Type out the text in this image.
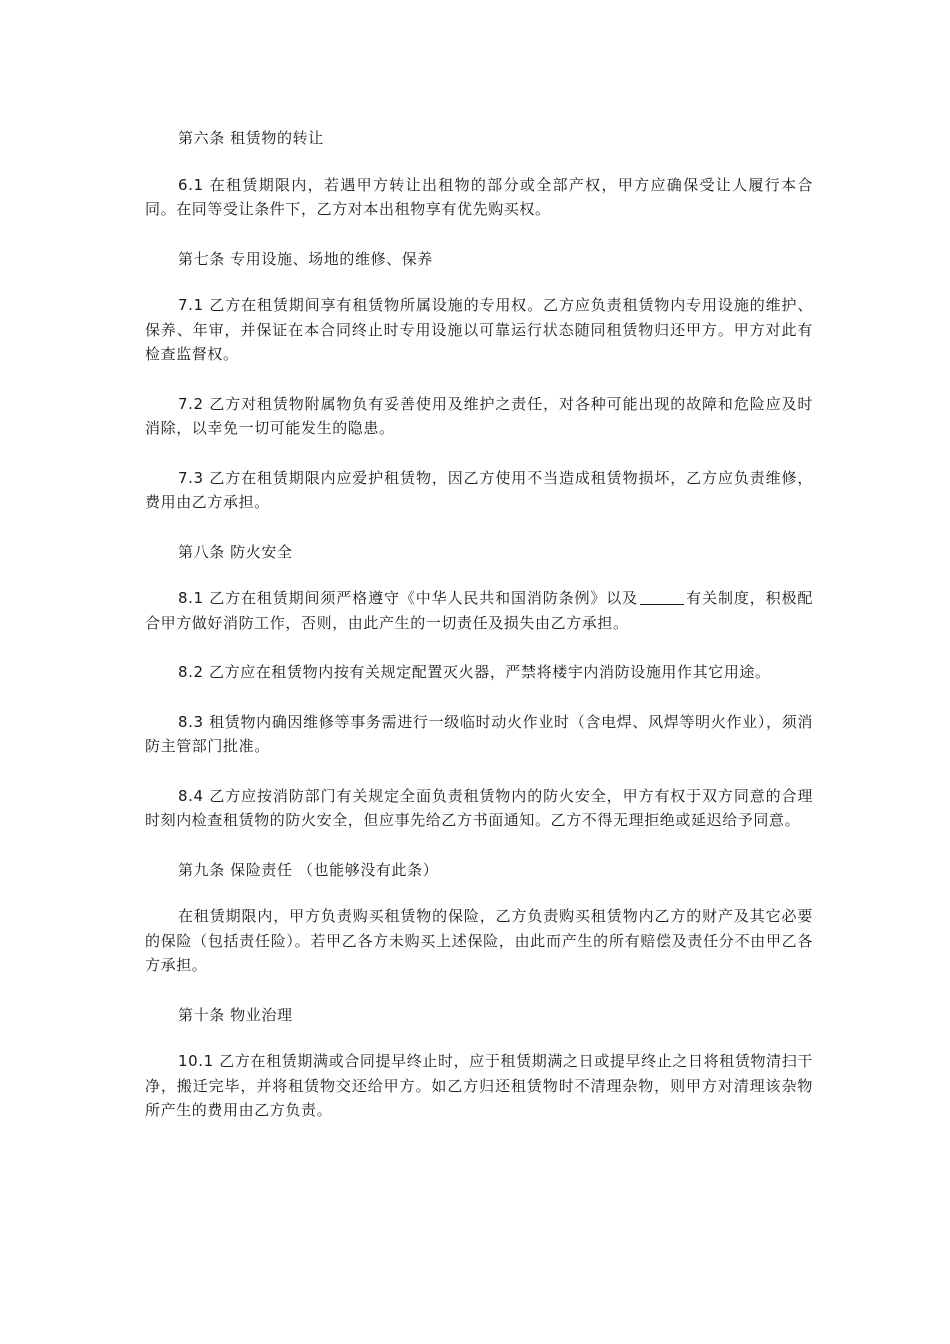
第六条 租赁物的转让

6.1 在租赁期限内，若遇甲方转让出租物的部分或全部产权，甲方应确保受让人履行本合同。在同等受让条件下，乙方对本出租物享有优先购买权。

第七条 专用设施、场地的维修、保养

7.1 乙方在租赁期间享有租赁物所属设施的专用权。乙方应负责租赁物内专用设施的维护、保养、年审，并保证在本合同终止时专用设施以可靠运行状态随同租赁物归还甲方。甲方对此有检查监督权。

7.2 乙方对租赁物附属物负有妥善使用及维护之责任，对各种可能出现的故障和危险应及时消除，以幸免一切可能发生的隐患。

7.3 乙方在租赁期限内应爱护租赁物，因乙方使用不当造成租赁物损坏，乙方应负责维修，费用由乙方承担。

第八条 防火安全

8.1 乙方在租赁期间须严格遵守《中华人民共和国消防条例》以及	有关制度，积极配合甲方做好消防工作，否则，由此产生的一切责任及损失由乙方承担。

8.2 乙方应在租赁物内按有关规定配置灭火器，严禁将楼宇内消防设施用作其它用途。

8.3 租赁物内确因维修等事务需进行一级临时动火作业时（含电焊、风焊等明火作业），须消防主管部门批准。

8.4 乙方应按消防部门有关规定全面负责租赁物内的防火安全，甲方有权于双方同意的合理时刻内检查租赁物的防火安全，但应事先给乙方书面通知。乙方不得无理拒绝或延迟给予同意。

第九条 保险责任 （也能够没有此条）

在租赁期限内，甲方负责购买租赁物的保险，乙方负责购买租赁物内乙方的财产及其它必要的保险（包括责任险）。若甲乙各方未购买上述保险，由此而产生的所有赔偿及责任分不由甲乙各方承担。

第十条 物业治理

10.1 乙方在租赁期满或合同提早终止时，应于租赁期满之日或提早终止之日将租赁物清扫干净，搬迁完毕，并将租赁物交还给甲方。如乙方归还租赁物时不清理杂物，则甲方对清理该杂物所产生的费用由乙方负责。
